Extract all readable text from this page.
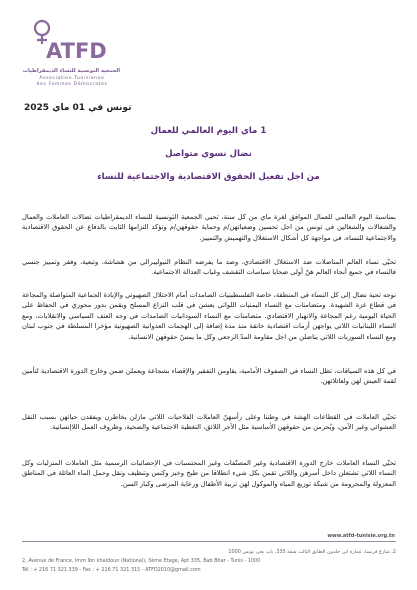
ATFD
الجمعية التونسية للنساء الديمقراطيات
Association Tunisienne
des Femmes Démocrates
تونس في 01 ماي 2025
1 ماي اليوم العالمي للعمال
نضال نسوي متواصل
من اجل تفعيل الحقوق الاقتصادية والاجتماعية للنساء

بمناسبة اليوم العالمي للعمال الموافق لغرة ماي من كل سنة، تحيي الجمعية التونسية للنساء الديمقراطيات نضالات العاملات والعمال والشغالات والشغالين في تونس من اجل تحسين وضعياتهن/م وحماية حقوقهن/م وتؤكد التزامها الثابت بالدفاع عن الحقوق الاقتصادية والاجتماعية للنساء، في مواجهة كل أشكال الاستغلال والتهميش والتمييز.

تحيّي نساء العالم المناضلات ضد الاستغلال الاقتصادي، وضد ما يفرضه النظام النيوليبرالي من هشاشة، وتبعية، وفقر وتمييز جنسي فالنساء في جميع أنحاء العالم هنّ أولى ضحايا سياسات التقشف وغياب العدالة الاجتماعية.

نوجه تحية نضال إلى كل النساء في المنطقة، خاصة الفلسطينيات الصامدات أمام الاحتلال الصهيوني والإبادة الجماعية المتواصلة والمجاعة في قطاع غزة الشهيدة. ومتضامنات مع النساء اليمنيات اللواتي يعشن في قلب النزاع المسلح ويقمن بدور محوري في الحفاظ على الحياة اليومية رغم المجاعة والانهيار الاقتصادي. متضامنات مع النساء السودانيات الصامدات في وجه العنف السياسي والانقلابات، ومع النساء اللبنانيات اللاتي يواجهن أزمات اقتصادية خانقة منذ مدة إضافة إلى الهجمات العدوانية الصهيونية مؤخرا المسلطة في جنوب لبنان ومع النساء السوريات اللاتي يناضلن من اجل مقاومة المدّ الرجعي وكل ما يمسّ حقوقهن الانسانية.

في كل هذه السياقات، تظل النساء في الصفوف الأمامية، يقاومن التفقير والإقصاء بشجاعة ويعملن ضمن وخارج الدورة الاقتصادية لتأمين لقمة العيش لهن ولعائلاتهن.

تحيّي العاملات في القطاعات الهشة في وطننا وعلى رأسهنّ العاملات الفلاحيات اللاتي مازلن يخاطرن ويفقدن حياتهن بسبب النقل العشوائي وغير الآمن، ويُحرمن من حقوقهن الأساسية مثل الأجر اللائق، التغطية الاجتماعية والصحية، وظروف العمل اللاإنسانية.

تحيّي النساء العاملات خارج الدورة الاقتصادية وغير المصنّفات وغير المحتسبات في الإحصائيات الرسمية مثل العاملات المنزليات وكل النساء اللاتي تشتغلن داخل أسرهن واللاتي تقمن بكل شيء انطلاقا من طبخ وخبز وكنس وتنظيف ونقل وحمل الماء العائلة في المناطق المعزولة والمحرومة من شبكة توزيع المياه والموكول لهن تربية الأطفال ورعاية المرضى وكبار السن.

www.atfd-tunisie.org.tn
2، شارع فرنسا، عمارة ابن خلدون الطابق الثالث شقة 335، باب بحر، تونس 1000
2, Avenue de France, Imm Ibn khaldoun (National), 3ème Etage, Apt 335, Bab Bhar - Tunis - 1000
Tél : + 216 71 321 339 - Fax : + 216 71 321 315 - ATFD2010@gmail.com
